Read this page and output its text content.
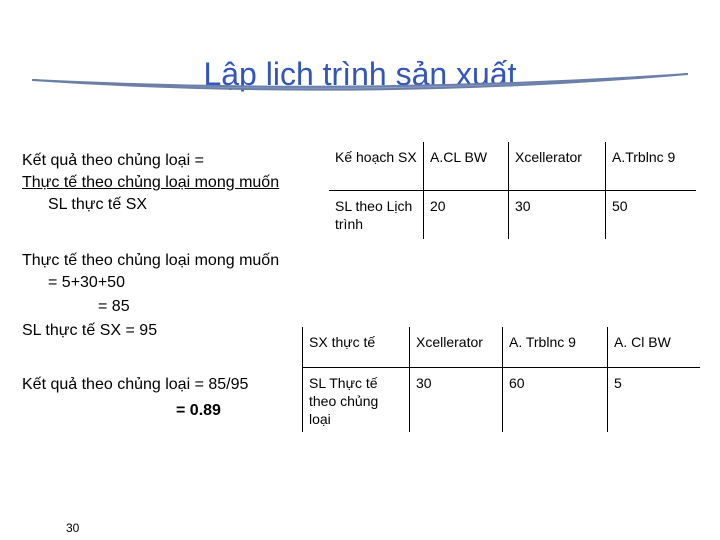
Lập lịch trình sản xuất
Kết quả theo chủng loại =
Thực tế theo chủng loại mong muốn
SL thực tế SX
Thực tế theo chủng loại mong muốn
= 5+30+50
= 85
SL thực tế SX = 95
Kết quả theo chủng loại = 85/95
= 0.89
Kế hoạch SX	A.CL BW	Xcellerator	A.Trblnc 9
SL theo Lịch trình	20	30	50
SX thực tế	Xcellerator	A. Trblnc 9	A. Cl BW
SL Thực tế theo chủng loại	30	60	5
30
